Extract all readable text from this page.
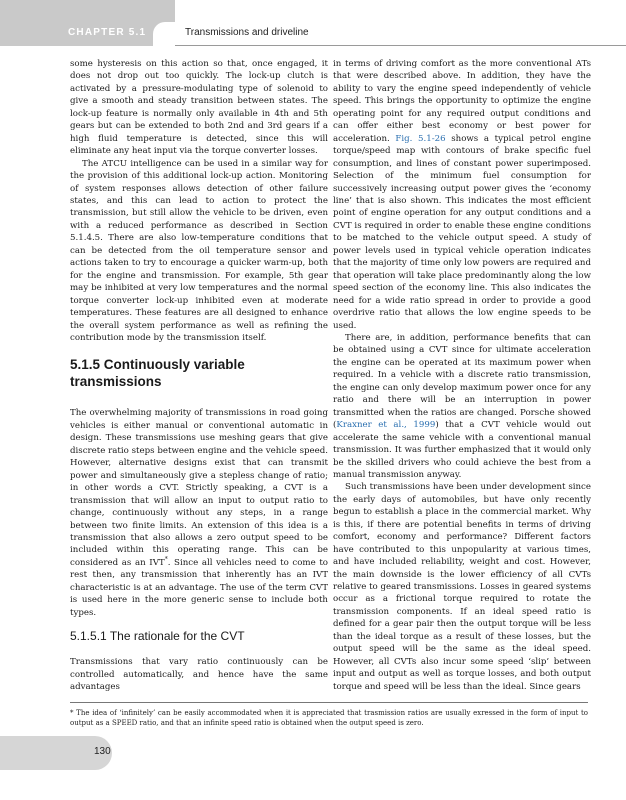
CHAPTER 5.1	Transmissions and driveline

some hysteresis on this action so that, once engaged, it does not drop out too quickly. The lock-up clutch is activated by a pressure-modulating type of solenoid to give a smooth and steady transition between states. The lock-up feature is normally only available in 4th and 5th gears but can be extended to both 2nd and 3rd gears if a high fluid temperature is detected, since this will eliminate any heat input via the torque converter losses.

The ATCU intelligence can be used in a similar way for the provision of this additional lock-up action. Monitoring of system responses allows detection of other failure states, and this can lead to action to protect the transmission, but still allow the vehicle to be driven, even with a reduced performance as described in Section 5.1.4.5. There are also low-temperature conditions that can be detected from the oil temperature sensor and actions taken to try to encourage a quicker warm-up, both for the engine and transmission. For example, 5th gear may be inhibited at very low temperatures and the normal torque converter lock-up inhibited even at moderate temperatures. These features are all designed to enhance the overall system performance as well as refining the contribution mode by the transmission itself.

5.1.5 Continuously variable transmissions

The overwhelming majority of transmissions in road going vehicles is either manual or conventional automatic in design. These transmissions use meshing gears that give discrete ratio steps between engine and the vehicle speed. However, alternative designs exist that can transmit power and simultaneously give a stepless change of ratio; in other words a CVT. Strictly speaking, a CVT is a transmission that will allow an input to output ratio to change, continuously without any steps, in a range between two finite limits. An extension of this idea is a transmission that also allows a zero output speed to be included within this operating range. This can be considered as an IVT*. Since all vehicles need to come to rest then, any transmission that inherently has an IVT characteristic is at an advantage. The use of the term CVT is used here in the more generic sense to include both types.

5.1.5.1 The rationale for the CVT

Transmissions that vary ratio continuously can be controlled automatically, and hence have the same advantages

in terms of driving comfort as the more conventional ATs that were described above. In addition, they have the ability to vary the engine speed independently of vehicle speed. This brings the opportunity to optimize the engine operating point for any required output conditions and can offer either best economy or best power for acceleration. Fig. 5.1-26 shows a typical petrol engine torque/speed map with contours of brake specific fuel consumption, and lines of constant power superimposed. Selection of the minimum fuel consumption for successively increasing output power gives the ‘economy line’ that is also shown. This indicates the most efficient point of engine operation for any output conditions and a CVT is required in order to enable these engine conditions to be matched to the vehicle output speed. A study of power levels used in typical vehicle operation indicates that the majority of time only low powers are required and that operation will take place predominantly along the low speed section of the economy line. This also indicates the need for a wide ratio spread in order to provide a good overdrive ratio that allows the low engine speeds to be used.

There are, in addition, performance benefits that can be obtained using a CVT since for ultimate acceleration the engine can be operated at its maximum power when required. In a vehicle with a discrete ratio transmission, the engine can only develop maximum power once for any ratio and there will be an interruption in power transmitted when the ratios are changed. Porsche showed (Kraxner et al., 1999) that a CVT vehicle would out accelerate the same vehicle with a conventional manual transmission. It was further emphasized that it would only be the skilled drivers who could achieve the best from a manual transmission anyway.

Such transmissions have been under development since the early days of automobiles, but have only recently begun to establish a place in the commercial market. Why is this, if there are potential benefits in terms of driving comfort, economy and performance? Different factors have contributed to this unpopularity at various times, and have included reliability, weight and cost. However, the main downside is the lower efficiency of all CVTs relative to geared transmissions. Losses in geared systems occur as a frictional torque required to rotate the transmission components. If an ideal speed ratio is defined for a gear pair then the output torque will be less than the ideal torque as a result of these losses, but the output speed will be the same as the ideal speed. However, all CVTs also incur some speed ‘slip’ between input and output as well as torque losses, and both output torque and speed will be less than the ideal. Since gears

* The idea of ‘infinitely’ can be easily accommodated when it is appreciated that trasmission ratios are usually exressed in the form of input to output as a SPEED ratio, and that an infinite speed ratio is obtained when the output speed is zero.
130
